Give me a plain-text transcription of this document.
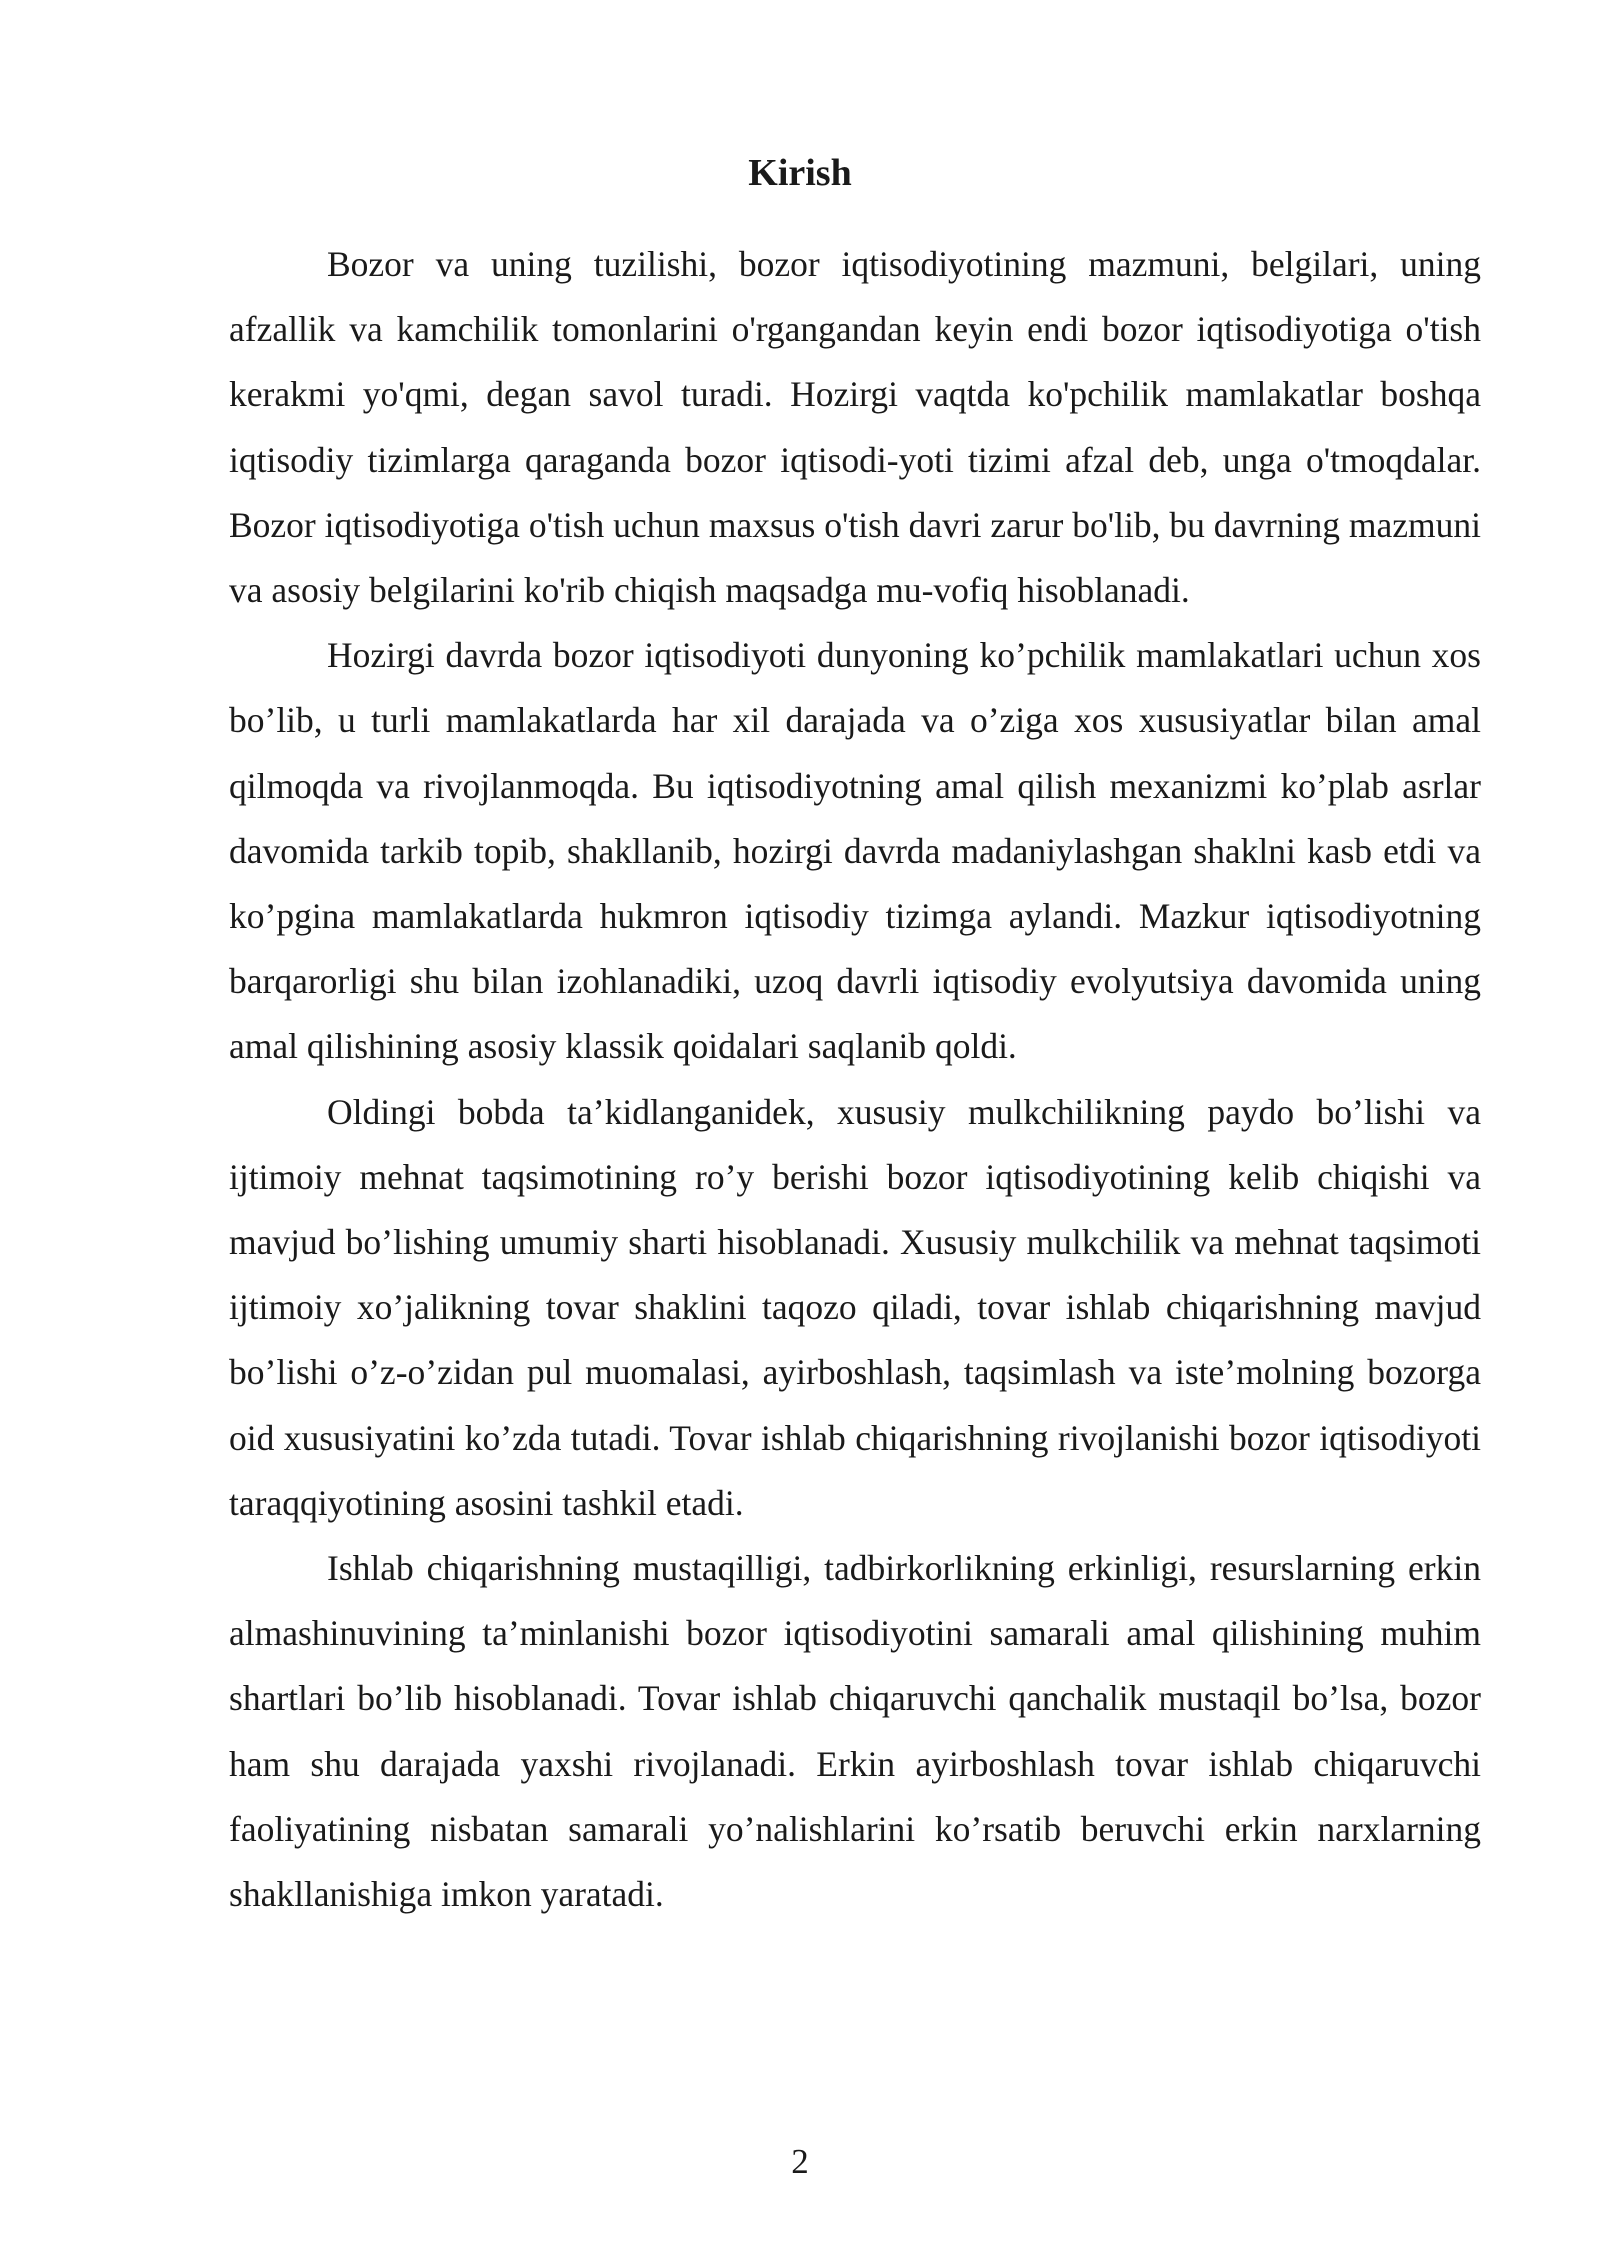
Kirish

Bozor va uning tuzilishi, bozor iqtisodiyotining mazmuni, belgilari, uning afzallik va kamchilik tomonlarini o'rgangandan keyin endi bozor iqtisodiyotiga o'tish kerakmi yo'qmi, degan savol turadi. Hozirgi vaqtda ko'pchilik mamlakatlar boshqa iqtisodiy tizimlarga qaraganda bozor iqtisodi-yoti tizimi afzal deb, unga o'tmoqdalar. Bozor iqtisodiyotiga o'tish uchun maxsus o'tish davri zarur bo'lib, bu davrning mazmuni va asosiy belgilarini ko'rib chiqish maqsadga mu-vofiq hisoblanadi.

Hozirgi davrda bozor iqtisodiyoti dunyoning ko’pchilik mamlakatlari uchun xos bo’lib, u turli mamlakatlarda har xil darajada va o’ziga xos xususiyatlar bilan amal qilmoqda va rivojlanmoqda. Bu iqtisodiyotning amal qilish mexanizmi ko’plab asrlar davomida tarkib topib, shakllanib, hozirgi davrda madaniylashgan shaklni kasb etdi va ko’pgina mamlakatlarda hukmron iqtisodiy tizimga aylandi. Mazkur iqtisodiyotning barqarorligi shu bilan izohlanadiki, uzoq davrli iqtisodiy evolyutsiya davomida uning amal qilishining asosiy klassik qoidalari saqlanib qoldi.

Oldingi bobda ta’kidlanganidek, xususiy mulkchilikning paydo bo’lishi va ijtimoiy mehnat taqsimotining ro’y berishi bozor iqtisodiyotining kelib chiqishi va mavjud bo’lishing umumiy sharti hisoblanadi. Xususiy mulkchilik va mehnat taqsimoti ijtimoiy xo’jalikning tovar shaklini taqozo qiladi, tovar ishlab chiqarishning mavjud bo’lishi o’z-o’zidan pul muomalasi, ayirboshlash, taqsimlash va iste’molning bozorga oid xususiyatini ko’zda tutadi. Tovar ishlab chiqarishning rivojlanishi bozor iqtisodiyoti taraqqiyotining asosini tashkil etadi.

Ishlab chiqarishning mustaqilligi, tadbirkorlikning erkinligi, resurslarning erkin almashinuvining ta’minlanishi bozor iqtisodiyotini samarali amal qilishining muhim shartlari bo’lib hisoblanadi. Tovar ishlab chiqaruvchi qanchalik mustaqil bo’lsa, bozor ham shu darajada yaxshi rivojlanadi. Erkin ayirboshlash tovar ishlab chiqaruvchi faoliyatining nisbatan samarali yo’nalishlarini ko’rsatib beruvchi erkin narxlarning shakllanishiga imkon yaratadi.

2
